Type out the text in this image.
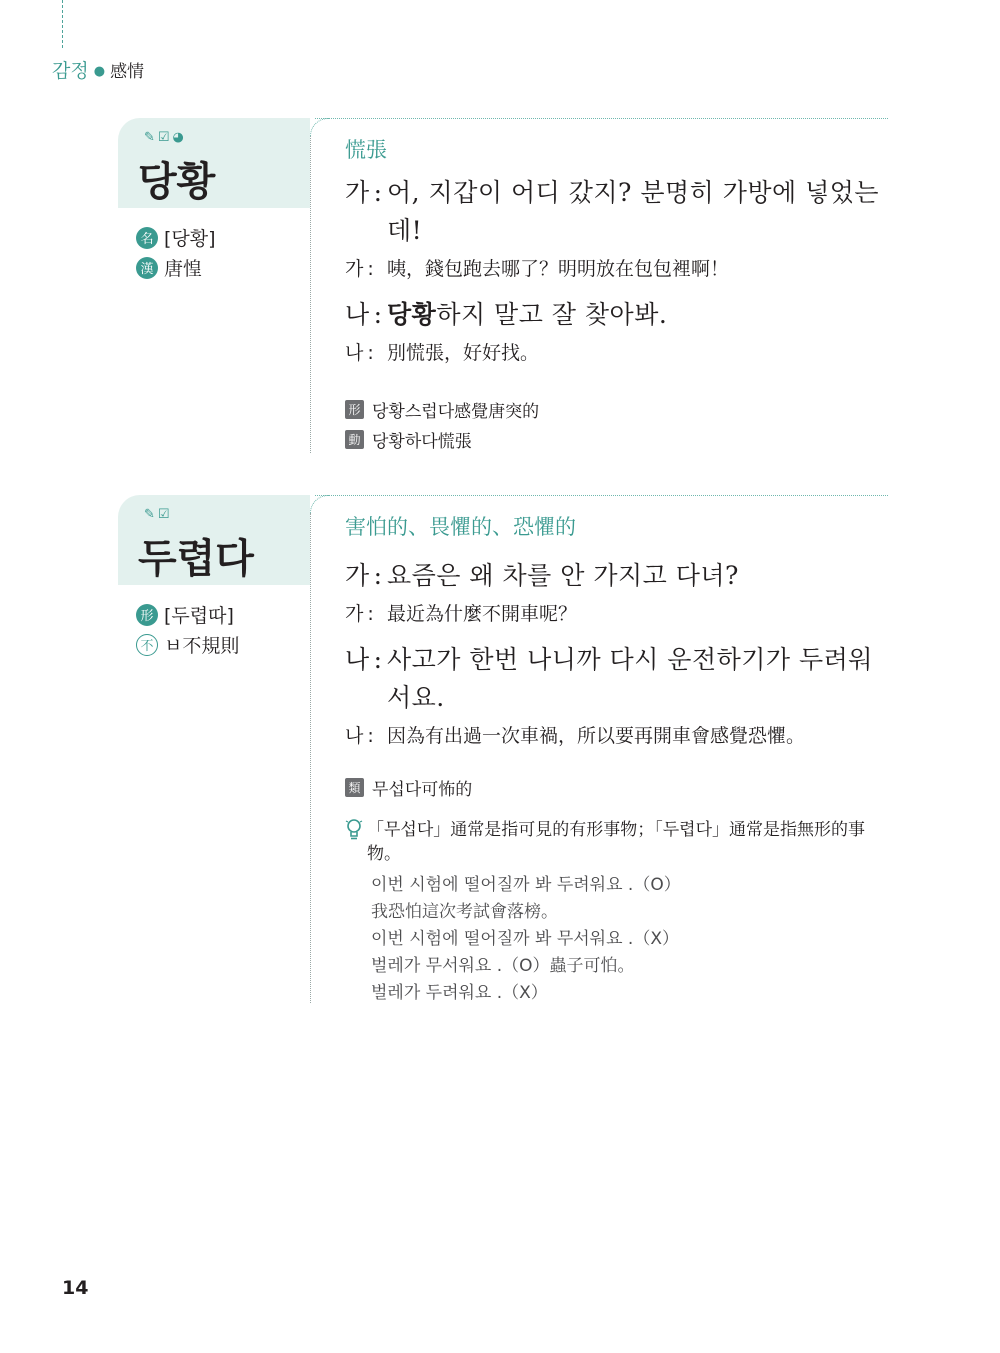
감정 ● 感情
✎☑◕
당황
名 [당황]
漢 唐惶
慌張
가 : 어, 지갑이 어디 갔지? 분명히 가방에 넣었는
데!
가 : 咦，錢包跑去哪了？明明放在包包裡啊！
나 : 당황하지 말고 잘 찾아봐.
나 : 別慌張，好好找。
形 당황스럽다感覺唐突的
動 당황하다慌張
✎☑
두렵다
形 [두렵따]
不 ㅂ不規則
害怕的、畏懼的、恐懼的
가 : 요즘은 왜 차를 안 가지고 다녀?
가 : 最近為什麼不開車呢？
나 : 사고가 한번 나니까 다시 운전하기가 두려워
서요.
나 : 因為有出過一次車禍，所以要再開車會感覺恐懼。
類 무섭다可怖的
「무섭다」通常是指可見的有形事物；「두렵다」通常是指無形的事物。
이번 시험에 떨어질까 봐 두려워요 .（O）
我恐怕這次考試會落榜。
이번 시험에 떨어질까 봐 무서워요 .（X）
벌레가 무서워요 .（O）蟲子可怕。
벌레가 두려워요 .（X）
14
